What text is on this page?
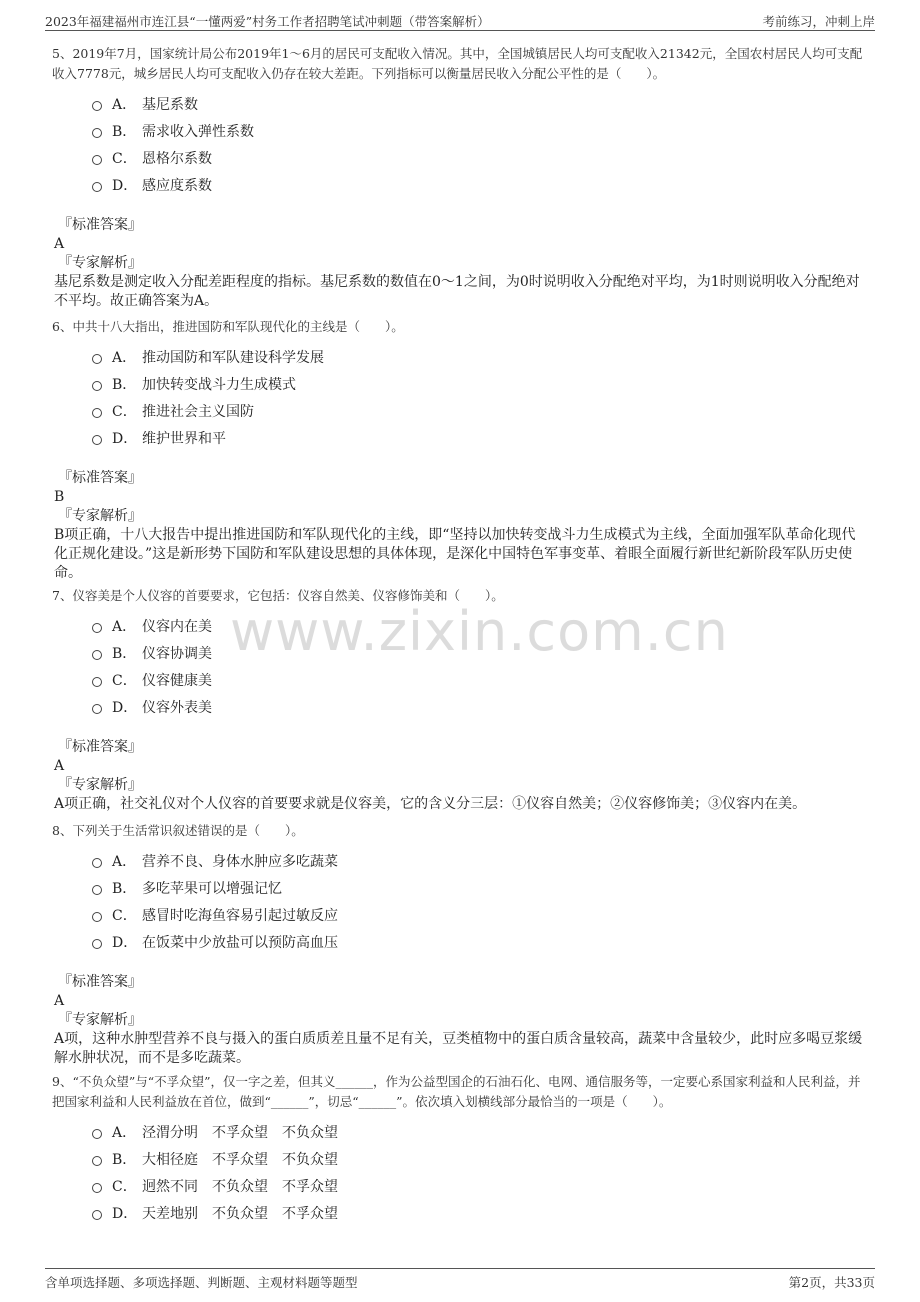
2023年福建福州市连江县“一懂两爱”村务工作者招聘笔试冲刺题（带答案解析）	考前练习，冲刺上岸
www.zixin.com.cn

5、2019年7月，国家统计局公布2019年1～6月的居民可支配收入情况。其中，全国城镇居民人均可支配收入21342元，全国农村居民人均可支配收入7778元，城乡居民人均可支配收入仍存在较大差距。下列指标可以衡量居民收入分配公平性的是（　　）。

A． 基尼系数
B． 需求收入弹性系数
C． 恩格尔系数
D． 感应度系数
『标准答案』
A
『专家解析』
基尼系数是测定收入分配差距程度的指标。基尼系数的数值在0～1之间，为0时说明收入分配绝对平均，为1时则说明收入分配绝对不平均。故正确答案为A。

6、中共十八大指出，推进国防和军队现代化的主线是（　　）。

A． 推动国防和军队建设科学发展
B． 加快转变战斗力生成模式
C． 推进社会主义国防
D． 维护世界和平
『标准答案』
B
『专家解析』
B项正确，十八大报告中提出推进国防和军队现代化的主线，即“坚持以加快转变战斗力生成模式为主线，全面加强军队革命化现代化正规化建设。”这是新形势下国防和军队建设思想的具体体现，是深化中国特色军事变革、着眼全面履行新世纪新阶段军队历史使命。

7、仪容美是个人仪容的首要要求，它包括：仪容自然美、仪容修饰美和（　　）。

A． 仪容内在美
B． 仪容协调美
C． 仪容健康美
D． 仪容外表美
『标准答案』
A
『专家解析』
A项正确，社交礼仪对个人仪容的首要要求就是仪容美，它的含义分三层：①仪容自然美；②仪容修饰美；③仪容内在美。

8、下列关于生活常识叙述错误的是（　　）。

A． 营养不良、身体水肿应多吃蔬菜
B． 多吃苹果可以增强记忆
C． 感冒时吃海鱼容易引起过敏反应
D． 在饭菜中少放盐可以预防高血压
『标准答案』
A
『专家解析』
A项，这种水肿型营养不良与摄入的蛋白质质差且量不足有关，豆类植物中的蛋白质含量较高，蔬菜中含量较少，此时应多喝豆浆缓解水肿状况，而不是多吃蔬菜。

9、“不负众望”与“不孚众望”，仅一字之差，但其义______，作为公益型国企的石油石化、电网、通信服务等，一定要心系国家利益和人民利益，并把国家利益和人民利益放在首位，做到“______”，切忌“______”。依次填入划横线部分最恰当的一项是（　　）。

A． 泾渭分明　不孚众望　不负众望
B． 大相径庭　不孚众望　不负众望
C． 迥然不同　不负众望　不孚众望
D． 天差地别　不负众望　不孚众望
含单项选择题、多项选择题、判断题、主观材料题等题型	第2页，共33页
